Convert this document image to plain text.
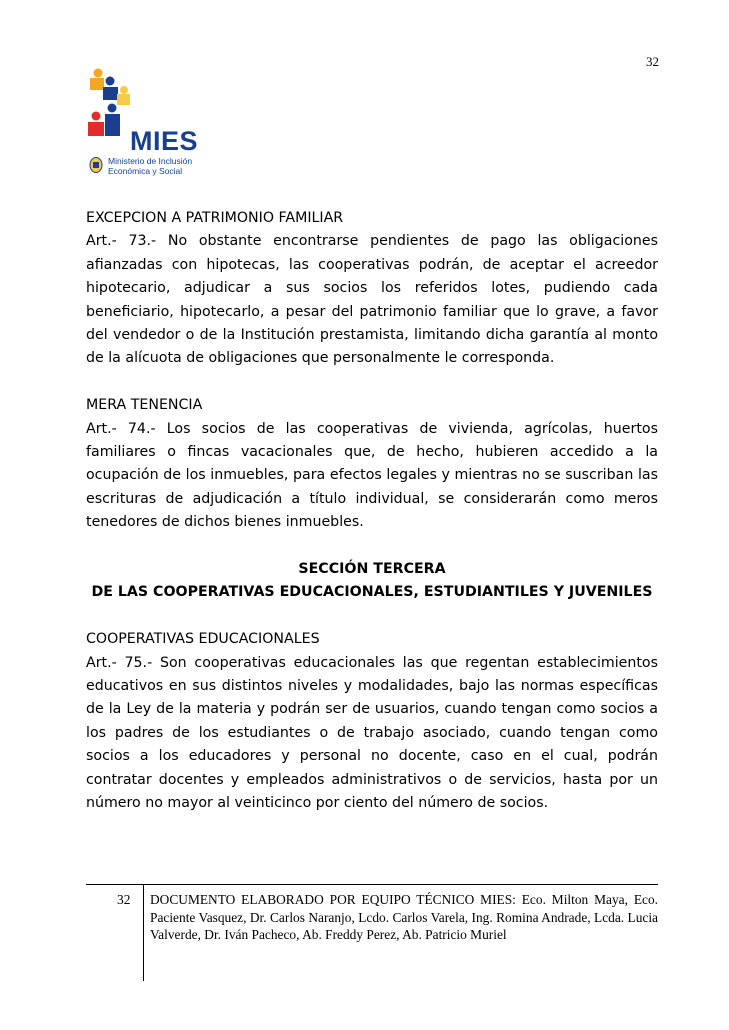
32
MIES
Ministerio de Inclusión
Económica y Social

EXCEPCION A PATRIMONIO FAMILIAR

Art.- 73.- No obstante encontrarse pendientes de pago las obligaciones afianzadas con hipotecas, las cooperativas podrán, de aceptar el acreedor hipotecario, adjudicar a sus socios los referidos lotes, pudiendo cada beneficiario, hipotecarlo, a pesar del patrimonio familiar que lo grave, a favor del vendedor o de la Institución prestamista, limitando dicha garantía al monto de la alícuota de obligaciones que personalmente le corresponda.

MERA TENENCIA

Art.- 74.- Los socios de las cooperativas de vivienda, agrícolas, huertos familiares o fincas vacacionales que, de hecho, hubieren accedido a la ocupación de los inmuebles, para efectos legales y mientras no se suscriban las escrituras de adjudicación a título individual, se considerarán como meros tenedores de dichos bienes inmuebles.

SECCIÓN TERCERA

DE LAS COOPERATIVAS EDUCACIONALES, ESTUDIANTILES Y JUVENILES

COOPERATIVAS EDUCACIONALES

Art.- 75.- Son cooperativas educacionales las que regentan establecimientos educativos en sus distintos niveles y modalidades, bajo las normas específicas de la Ley de la materia y podrán ser de usuarios, cuando tengan como socios a los padres de los estudiantes o de trabajo asociado, cuando tengan como socios a los educadores y personal no docente, caso en el cual, podrán contratar docentes y empleados administrativos o de servicios, hasta por un número no mayor al veinticinco por ciento del número de socios.

32 DOCUMENTO ELABORADO POR EQUIPO TÉCNICO MIES: Eco. Milton Maya, Eco. Paciente Vasquez, Dr. Carlos Naranjo, Lcdo. Carlos Varela, Ing. Romina Andrade, Lcda. Lucia Valverde, Dr. Iván Pacheco, Ab. Freddy Perez, Ab. Patricio Muriel
